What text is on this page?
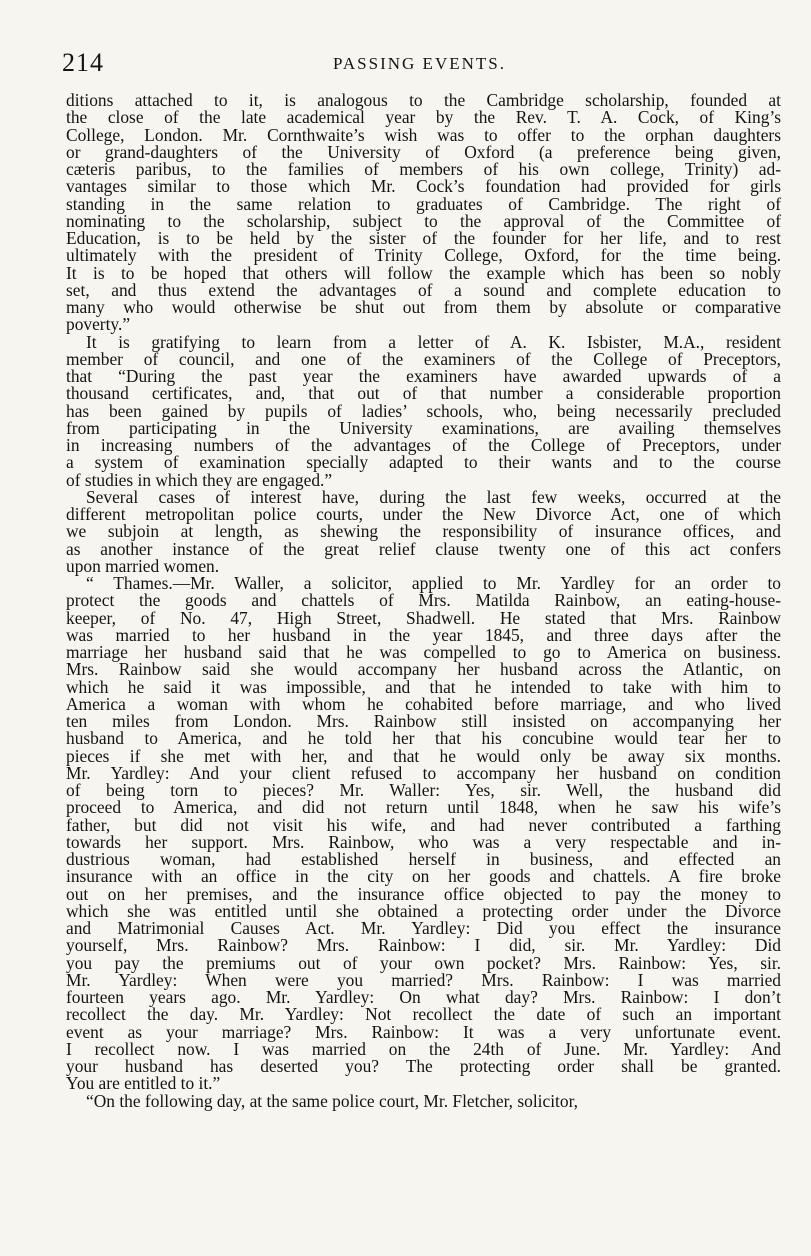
214	PASSING EVENTS.
ditions attached to it, is analogous to the Cambridge scholarship, founded at
the close of the late academical year by the Rev. T. A. Cock, of King’s
College, London. Mr. Cornthwaite’s wish was to offer to the orphan daughters
or grand-daughters of the University of Oxford (a preference being given,
cæteris paribus, to the families of members of his own college, Trinity) ad-
vantages similar to those which Mr. Cock’s foundation had provided for girls
standing in the same relation to graduates of Cambridge. The right of
nominating to the scholarship, subject to the approval of the Committee of
Education, is to be held by the sister of the founder for her life, and to rest
ultimately with the president of Trinity College, Oxford, for the time being.
It is to be hoped that others will follow the example which has been so nobly
set, and thus extend the advantages of a sound and complete education to
many who would otherwise be shut out from them by absolute or comparative
poverty.”
It is gratifying to learn from a letter of A. K. Isbister, M.A., resident
member of council, and one of the examiners of the College of Preceptors,
that “During the past year the examiners have awarded upwards of a
thousand certificates, and, that out of that number a considerable proportion
has been gained by pupils of ladies’ schools, who, being necessarily precluded
from participating in the University examinations, are availing themselves
in increasing numbers of the advantages of the College of Preceptors, under
a system of examination specially adapted to their wants and to the course
of studies in which they are engaged.”
Several cases of interest have, during the last few weeks, occurred at the
different metropolitan police courts, under the New Divorce Act, one of which
we subjoin at length, as shewing the responsibility of insurance offices, and
as another instance of the great relief clause twenty one of this act confers
upon married women.
“ Thames.—Mr. Waller, a solicitor, applied to Mr. Yardley for an order to
protect the goods and chattels of Mrs. Matilda Rainbow, an eating-house-
keeper, of No. 47, High Street, Shadwell. He stated that Mrs. Rainbow
was married to her husband in the year 1845, and three days after the
marriage her husband said that he was compelled to go to America on business.
Mrs. Rainbow said she would accompany her husband across the Atlantic, on
which he said it was impossible, and that he intended to take with him to
America a woman with whom he cohabited before marriage, and who lived
ten miles from London. Mrs. Rainbow still insisted on accompanying her
husband to America, and he told her that his concubine would tear her to
pieces if she met with her, and that he would only be away six months.
Mr. Yardley: And your client refused to accompany her husband on condition
of being torn to pieces? Mr. Waller: Yes, sir. Well, the husband did
proceed to America, and did not return until 1848, when he saw his wife’s
father, but did not visit his wife, and had never contributed a farthing
towards her support. Mrs. Rainbow, who was a very respectable and in-
dustrious woman, had established herself in business, and effected an
insurance with an office in the city on her goods and chattels. A fire broke
out on her premises, and the insurance office objected to pay the money to
which she was entitled until she obtained a protecting order under the Divorce
and Matrimonial Causes Act. Mr. Yardley: Did you effect the insurance
yourself, Mrs. Rainbow? Mrs. Rainbow: I did, sir. Mr. Yardley: Did
you pay the premiums out of your own pocket? Mrs. Rainbow: Yes, sir.
Mr. Yardley: When were you married? Mrs. Rainbow: I was married
fourteen years ago. Mr. Yardley: On what day? Mrs. Rainbow: I don’t
recollect the day. Mr. Yardley: Not recollect the date of such an important
event as your marriage? Mrs. Rainbow: It was a very unfortunate event.
I recollect now. I was married on the 24th of June. Mr. Yardley: And
your husband has deserted you? The protecting order shall be granted.
You are entitled to it.”
“On the following day, at the same police court, Mr. Fletcher, solicitor,
